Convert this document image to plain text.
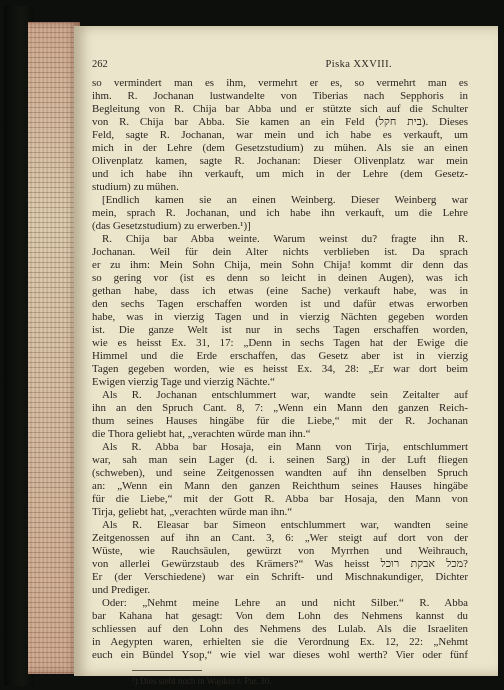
262	Piska XXVIII.
so vermindert man es ihm, vermehrt er es, so vermehrt man es
ihm. R. Jochanan lustwandelte von Tiberias nach Sepphoris in
Begleitung von R. Chija bar Abba und er stützte sich auf die Schulter
von R. Chija bar Abba. Sie kamen an ein Feld (בית חקל). Dieses
Feld, sagte R. Jochanan, war mein und ich habe es verkauft, um
mich in der Lehre (dem Gesetzstudium) zu mühen. Als sie an einen
Olivenplatz kamen, sagte R. Jochanan: Dieser Olivenplatz war mein
und ich habe ihn verkauft, um mich in der Lehre (dem Gesetz-
studium) zu mühen.
[Endlich kamen sie an einen Weinberg. Dieser Weinberg war
mein, sprach R. Jochanan, und ich habe ihn verkauft, um die Lehre
(das Gesetzstudium) zu erwerben.¹)]
R. Chija bar Abba weinte. Warum weinst du? fragte ihn R.
Jochanan. Weil für dein Alter nichts verblieben ist. Da sprach
er zu ihm: Mein Sohn Chija, mein Sohn Chija! kommt dir denn das
so gering vor (ist es denn so leicht in deinen Augen), was ich
gethan habe, dass ich etwas (eine Sache) verkauft habe, was in
den sechs Tagen erschaffen worden ist und dafür etwas erworben
habe, was in vierzig Tagen und in vierzig Nächten gegeben worden
ist. Die ganze Welt ist nur in sechs Tagen erschaffen worden,
wie es heisst Ex. 31, 17: „Denn in sechs Tagen hat der Ewige die
Himmel und die Erde erschaffen, das Gesetz aber ist in vierzig
Tagen gegeben worden, wie es heisst Ex. 34, 28: „Er war dort beim
Ewigen vierzig Tage und vierzig Nächte.“
Als R. Jochanan entschlummert war, wandte sein Zeitalter auf
ihn an den Spruch Cant. 8, 7: „Wenn ein Mann den ganzen Reich-
thum seines Hauses hingäbe für die Liebe,“ mit der R. Jochanan
die Thora geliebt hat, „verachten würde man ihn.“
Als R. Abba bar Hosaja, ein Mann von Tirja, entschlummert
war, sah man sein Lager (d. i. seinen Sarg) in der Luft fliegen
(schweben), und seine Zeitgenossen wandten auf ihn denselben Spruch
an: „Wenn ein Mann den ganzen Reichthum seines Hauses hingäbe
für die Liebe,“ mit der Gott R. Abba bar Hosaja, den Mann von
Tirja, geliebt hat, „verachten würde man ihn.“
Als R. Eleasar bar Simeon entschlummert war, wandten seine
Zeitgenossen auf ihn an Cant. 3, 6: „Wer steigt auf dort von der
Wüste, wie Rauchsäulen, gewürzt von Myrrhen und Weihrauch,
von allerlei Gewürzstaub des Krämers?“ Was heisst מכל אבקת רוכל?
Er (der Verschiedene) war ein Schrift- und Mischnakundiger, Dichter
und Prediger.
Oder: „Nehmt meine Lehre an und nicht Silber.“ R. Abba
bar Kahana hat gesagt: Von dem Lohn des Nehmens kannst du
schliessen auf den Lohn des Nehmens des Lulab. Als die Israeliten
in Aegypten waren, erhielten sie die Verordnung Ex. 12, 22: „Nehmt
euch ein Bündel Ysop,“ wie viel war dieses wohl werth? Vier oder fünf
¹) Dies steht noch in Wajikra r. Par. 30.
